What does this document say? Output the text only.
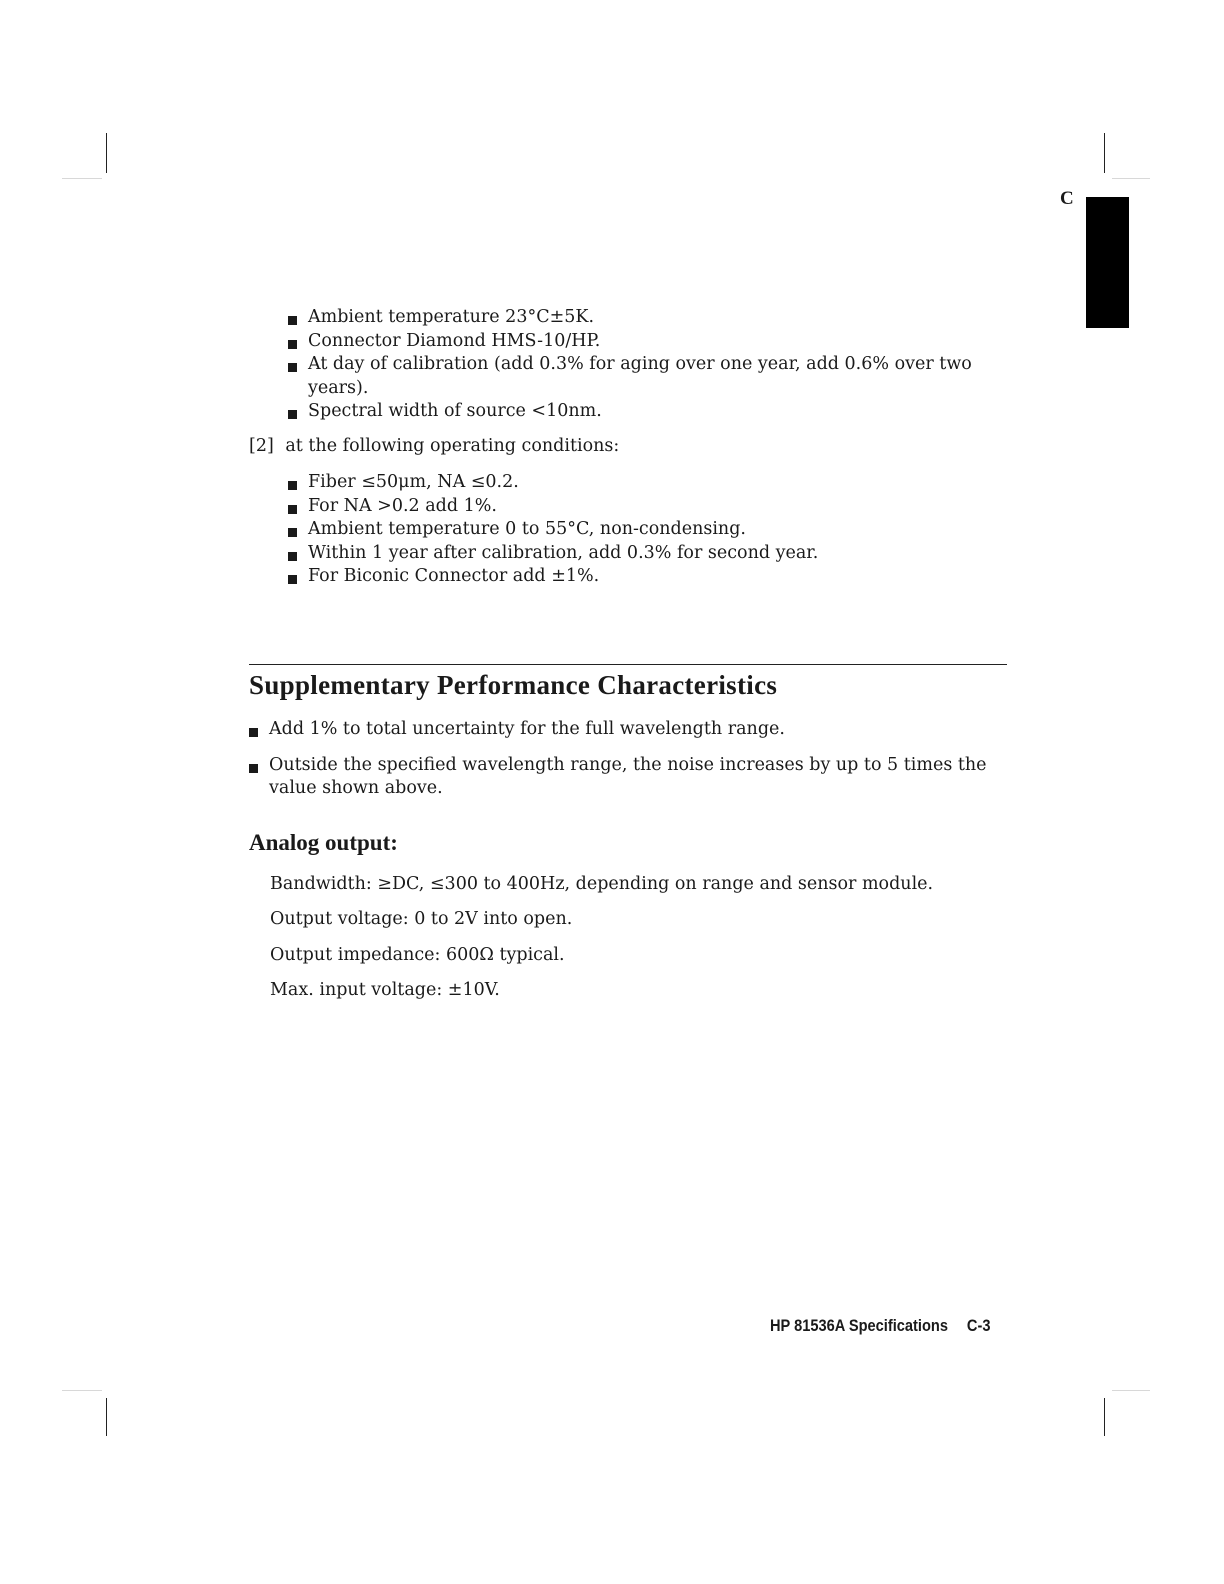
C
Ambient temperature 23°C±5K.
Connector Diamond HMS-10/HP.
At day of calibration (add 0.3% for aging over one year, add 0.6% over two years).
Spectral width of source <10nm.
[2] at the following operating conditions:
Fiber ≤50μm, NA ≤0.2.
For NA >0.2 add 1%.
Ambient temperature 0 to 55°C, non-condensing.
Within 1 year after calibration, add 0.3% for second year.
For Biconic Connector add ±1%.
Supplementary Performance Characteristics
Add 1% to total uncertainty for the full wavelength range.
Outside the specified wavelength range, the noise increases by up to 5 times the value shown above.
Analog output:
Bandwidth: ≥DC, ≤300 to 400Hz, depending on range and sensor module.
Output voltage: 0 to 2V into open.
Output impedance: 600Ω typical.
Max. input voltage: ±10V.
HP 81536A Specifications C-3
